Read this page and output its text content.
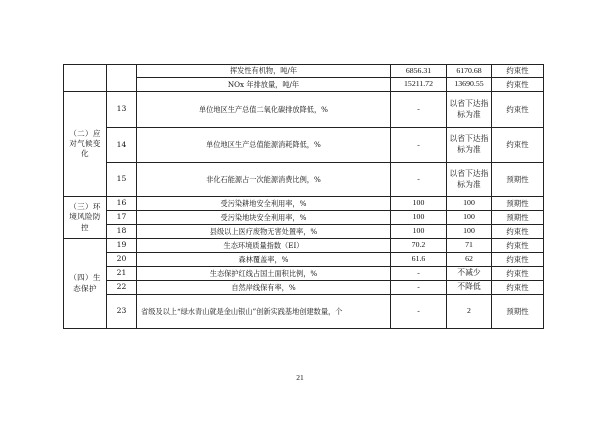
		挥发性有机物，吨/年	6856.31	6170.68	约束性
		NOx 年排放量，吨/年	15211.72	13690.55	约束性
（二）应对气候变化	13	单位地区生产总值二氧化碳排放降低，%	-	以省下达指标为准	约束性
	14	单位地区生产总值能源消耗降低，%	-	以省下达指标为准	约束性
	15	非化石能源占一次能源消费比例，%	-	以省下达指标为准	预期性
（三）环境风险防控	16	受污染耕地安全利用率，%	100	100	预期性
	17	受污染地块安全利用率，%	100	100	预期性
	18	县级以上医疗废物无害处置率，%	100	100	约束性
（四）生态保护	19	生态环境质量指数（EI）	70.2	71	约束性
	20	森林覆盖率，%	61.6	62	约束性
	21	生态保护红线占国土面积比例，%	-	不减少	约束性
	22	自然岸线保有率，%	-	不降低	约束性
	23	省级及以上“绿水青山就是金山银山”创新实践基地创建数量，个	-	2	预期性
21
